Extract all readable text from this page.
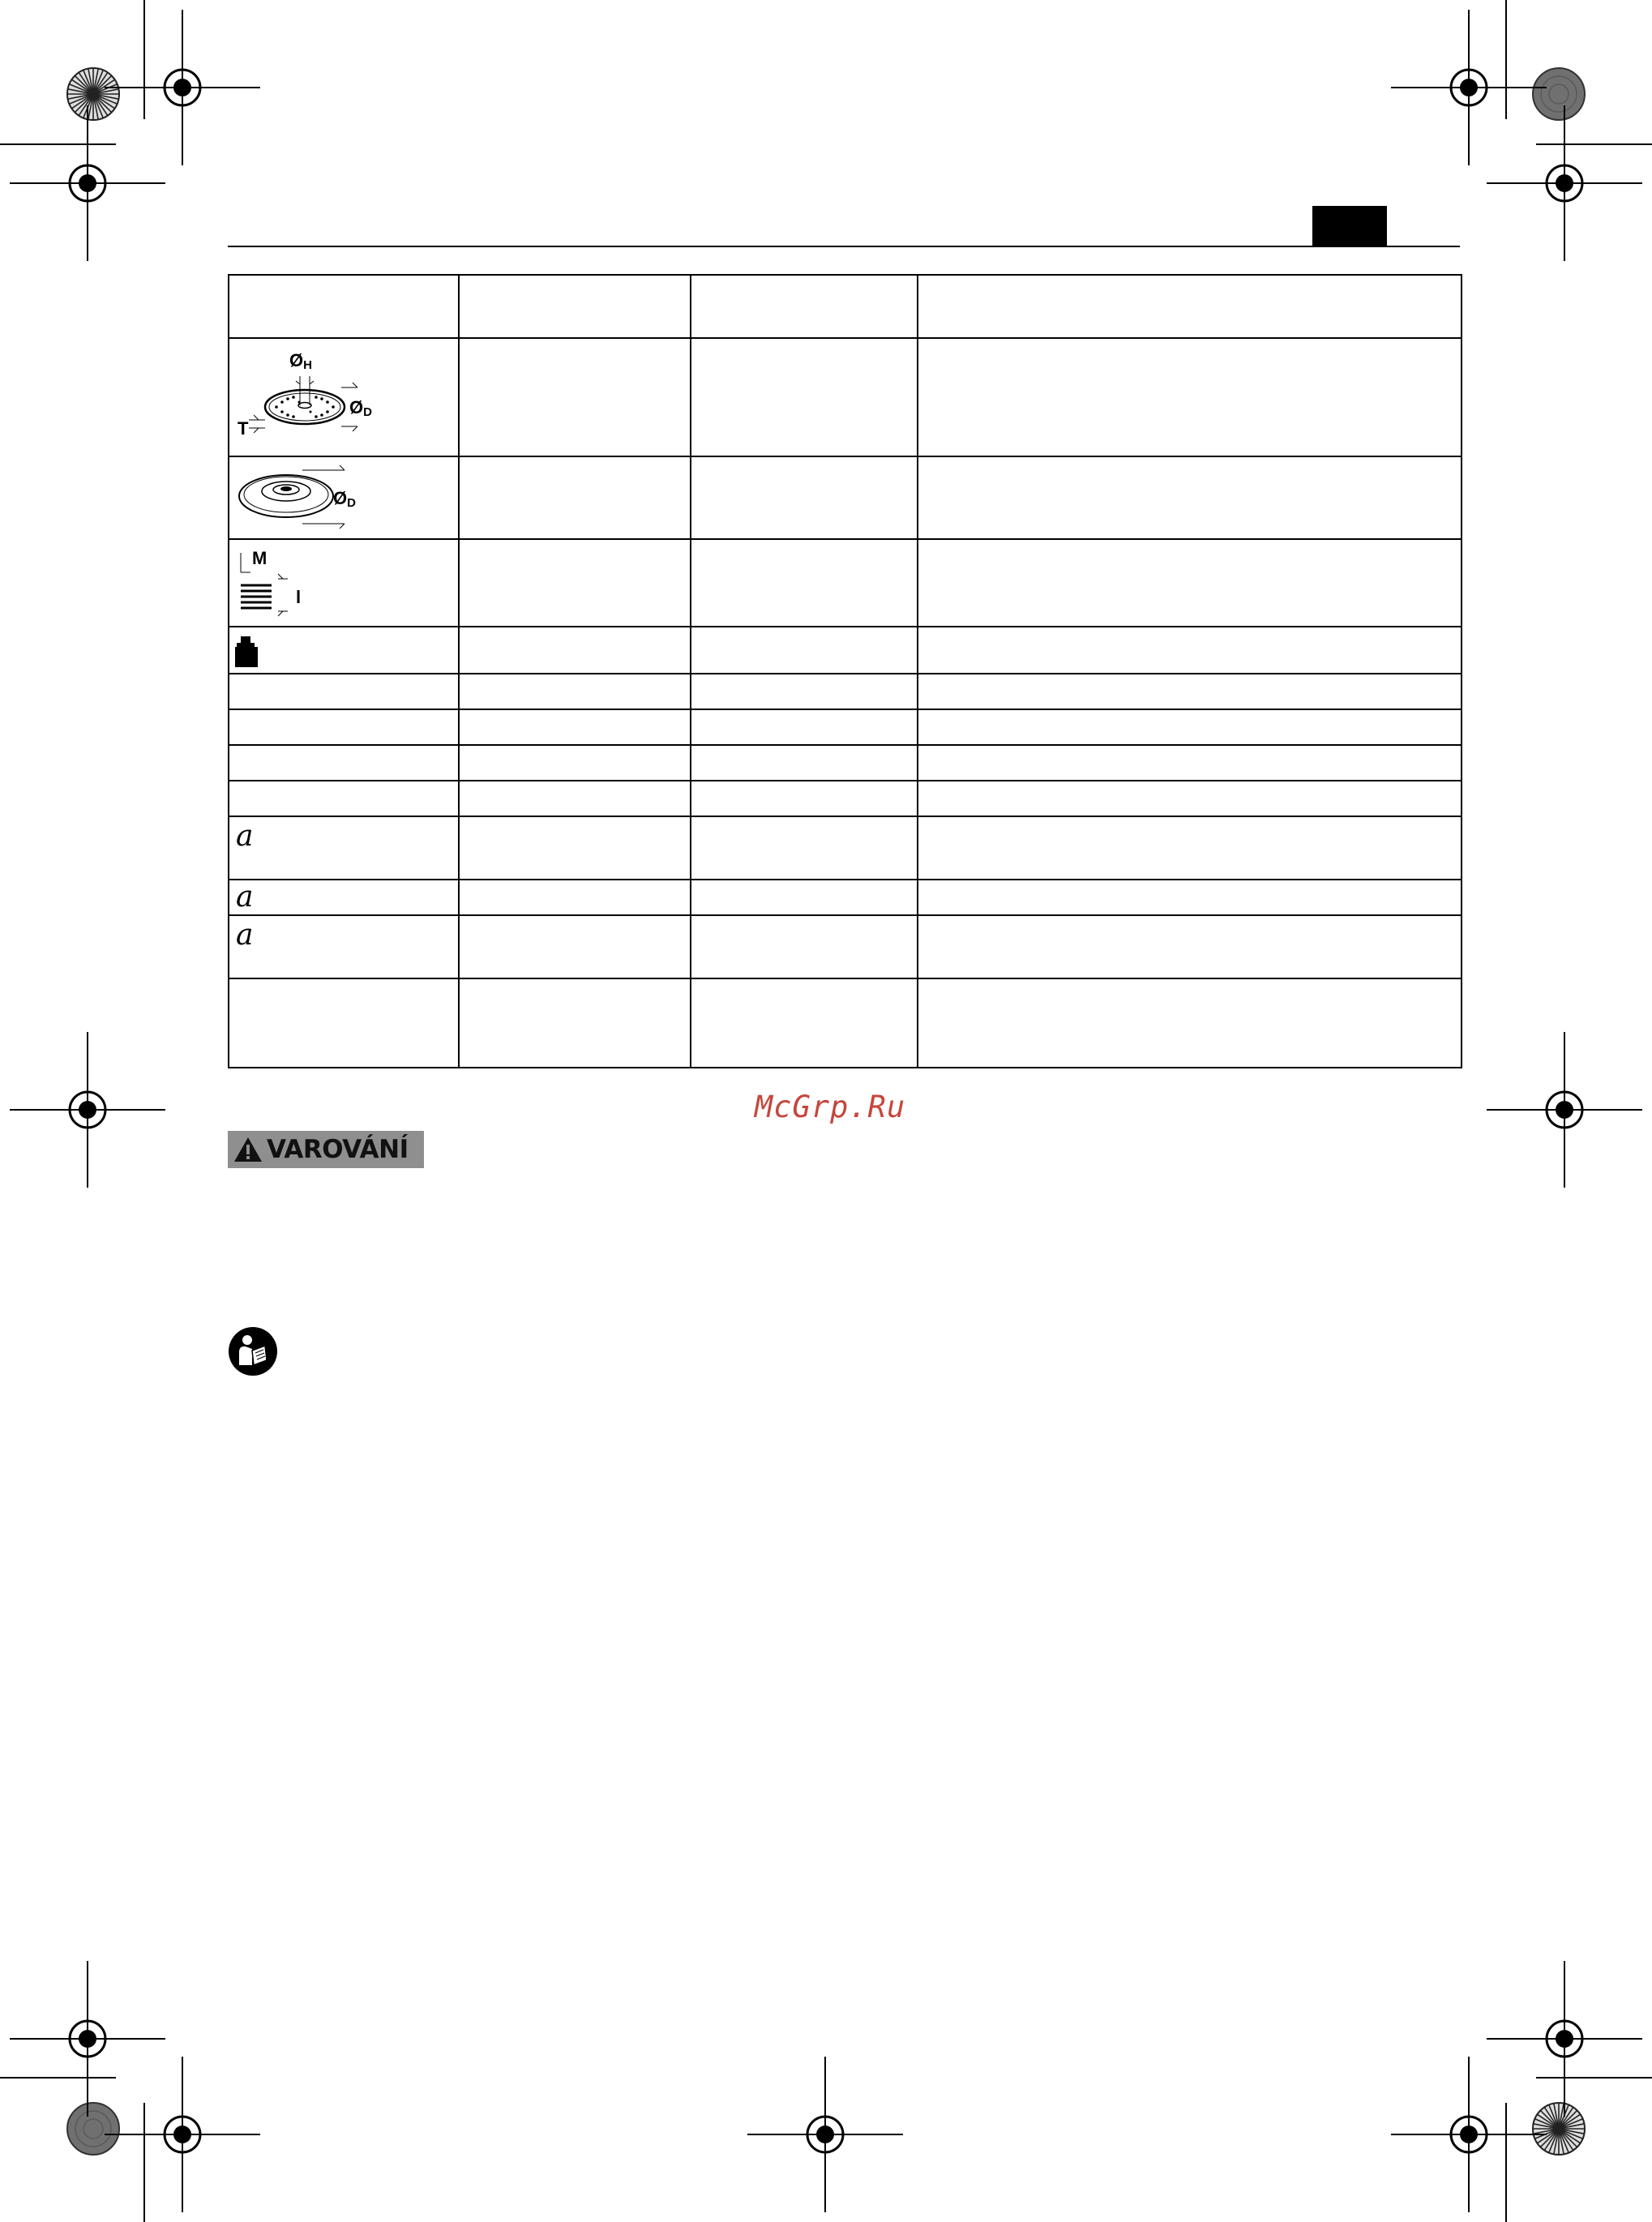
ØH
ØD
T			

ØD			

M
l			

a			

a			

a			

McGrp.Ru
VAROVÁNÍ
